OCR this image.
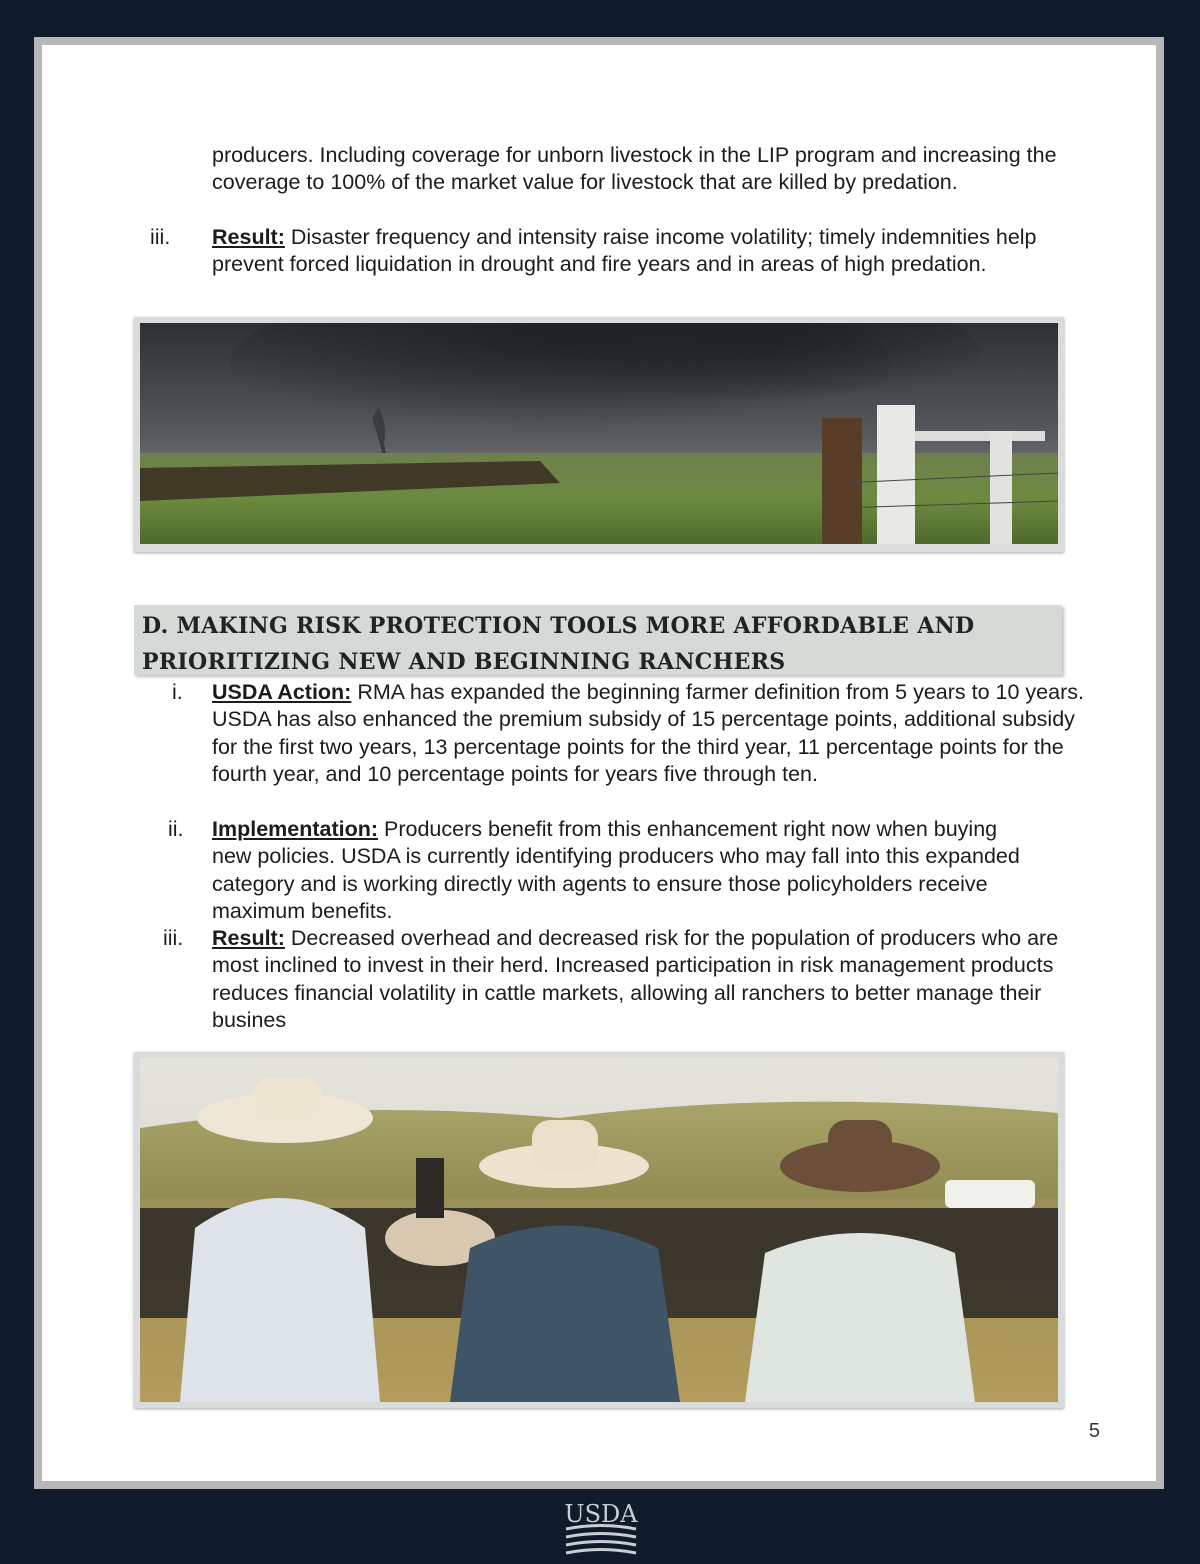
producers. Including coverage for unborn livestock in the LIP program and increasing the coverage to 100% of the market value for livestock that are killed by predation.
iii.	Result: Disaster frequency and intensity raise income volatility; timely indemnities help prevent forced liquidation in drought and fire years and in areas of high predation.
D. MAKING RISK PROTECTION TOOLS MORE AFFORDABLE AND
PRIORITIZING NEW AND BEGINNING RANCHERS
i.	USDA Action: RMA has expanded the beginning farmer definition from 5 years to 10 years. USDA has also enhanced the premium subsidy of 15 percentage points, additional subsidy for the first two years, 13 percentage points for the third year, 11 percentage points for the fourth year, and 10 percentage points for years five through ten.
ii.	Implementation: Producers benefit from this enhancement right now when buying new policies. USDA is currently identifying producers who may fall into this expanded category and is working directly with agents to ensure those policyholders receive maximum benefits.
iii.	Result: Decreased overhead and decreased risk for the population of producers who are most inclined to invest in their herd. Increased participation in risk management products reduces financial volatility in cattle markets, allowing all ranchers to better manage their busines
5
USDA
